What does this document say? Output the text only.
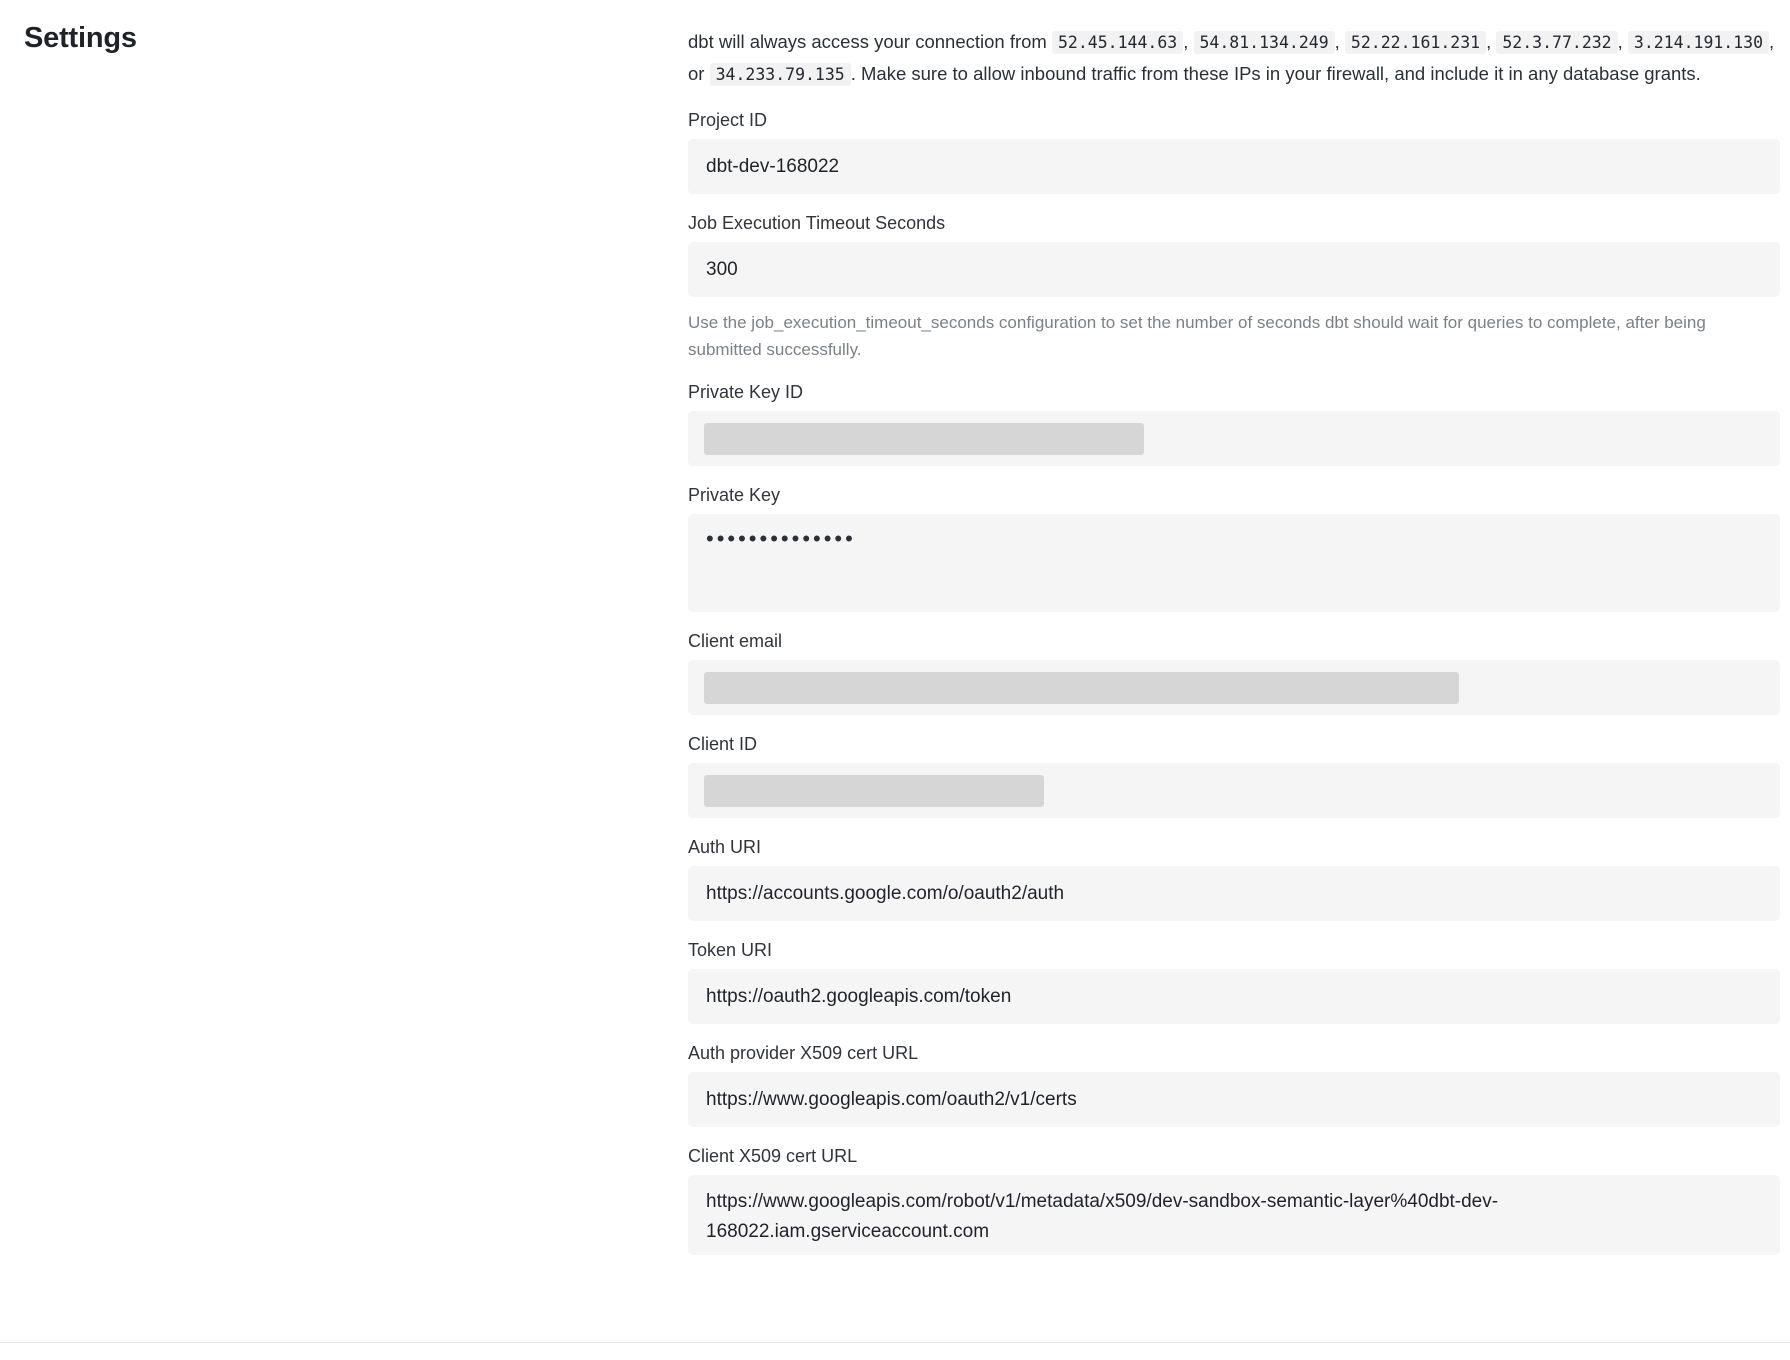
Settings	dbt will always access your connection from 52.45.144.63 , 54.81.134.249 , 52.22.161.231 , 52.3.77.232 , 3.214.191.130 , or 34.233.79.135 . Make sure to allow inbound traffic from these IPs in your firewall, and include it in any database grants.

Project ID
dbt-dev-168022
Job Execution Timeout Seconds
300

Use the job_execution_timeout_seconds configuration to set the number of seconds dbt should wait for queries to complete, after being submitted successfully.

Private Key ID
Private Key
••••••••••••••
Client email
Client ID
Auth URI
https://accounts.google.com/o/oauth2/auth
Token URI
https://oauth2.googleapis.com/token
Auth provider X509 cert URL
https://www.googleapis.com/oauth2/v1/certs
Client X509 cert URL
https://www.googleapis.com/robot/v1/metadata/x509/dev-sandbox-semantic-layer%40dbt-dev-168022.iam.gserviceaccount.com
